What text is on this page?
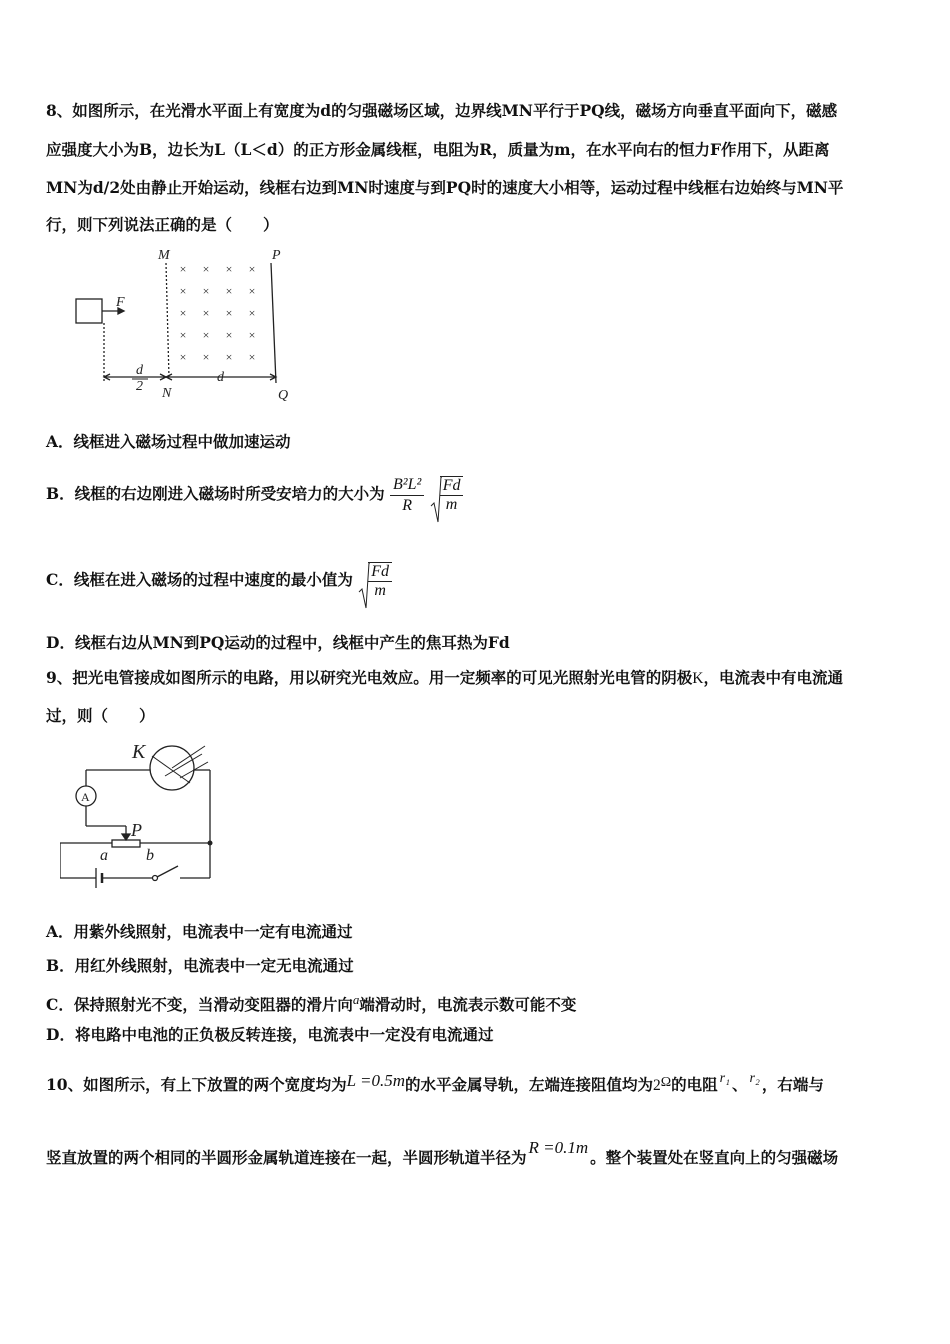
8、如图所示，在光滑水平面上有宽度为d的匀强磁场区域，边界线MN平行于PQ线，磁场方向垂直平面向下，磁感
应强度大小为B，边长为L（L＜d）的正方形金属线框，电阻为R，质量为m，在水平向右的恒力F作用下，从距离
MN为d/2处由静止开始运动，线框右边到MN时速度与到PQ时的速度大小相等，运动过程中线框右边始终与MN平
行，则下列说法正确的是（　　）
× × × ×
× × × ×
× × × ×
× × × ×
× × × ×
M	P
N	Q
F
d
d
2
A．线框进入磁场过程中做加速运动
B．线框的右边刚进入磁场时所受安培力的大小为 $\frac{\text{B²L²}}{R}$
$\frac{Fd}{m}$
C．线框在进入磁场的过程中速度的最小值为 $\frac{Fd}{m}$
D．线框右边从MN到PQ运动的过程中，线框中产生的焦耳热为Fd
9、把光电管接成如图所示的电路，用以研究光电效应。用一定频率的可见光照射光电管的阴极K，电流表中有电流通
过，则（　　）
K
P
a b
A
A．用紫外线照射，电流表中一定有电流通过
B．用红外线照射，电流表中一定无电流通过
C．保持照射光不变，当滑动变阻器的滑片向$^a$端滑动时，电流表示数可能不变
D．将电路中电池的正负极反转连接，电流表中一定没有电流通过
10、如图所示，有上下放置的两个宽度均为L =0.5m的水平金属导轨，左端连接阻值均为2Ω的电阻 r₁ 、 r₂ ，右端与
竖直放置的两个相同的半圆形金属轨道连接在一起，半圆形轨道半径为R =0.1m。整个装置处在竖直向上的匀强磁场
